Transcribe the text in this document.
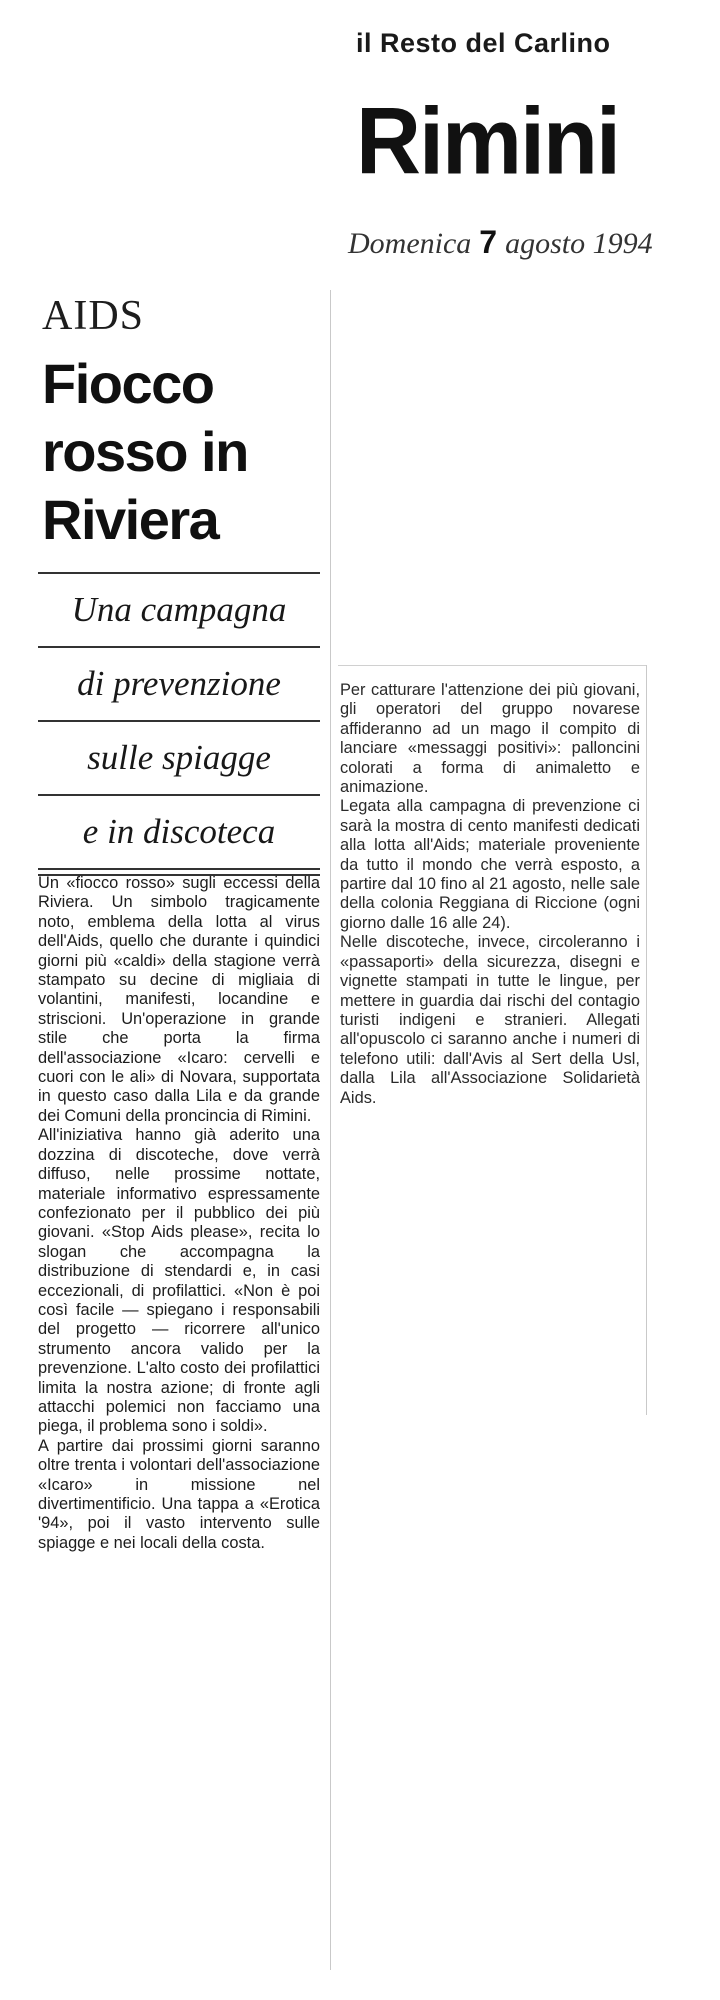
il Resto del Carlino
Rimini
Domenica 7 agosto 1994
AIDS
Fiocco rosso in Riviera
Una campagna
di prevenzione
sulle spiagge
e in discoteca

Un «fiocco rosso» sugli eccessi della Riviera. Un simbolo tragicamente noto, emblema della lotta al virus dell'Aids, quello che durante i quindici giorni più «caldi» della stagione verrà stampato su decine di migliaia di volantini, manifesti, locandine e striscioni. Un'operazione in grande stile che porta la firma dell'associazione «Icaro: cervelli e cuori con le ali» di Novara, supportata in questo caso dalla Lila e da grande dei Comuni della proncincia di Rimini.

All'iniziativa hanno già aderito una dozzina di discoteche, dove verrà diffuso, nelle prossime nottate, materiale informativo espressamente confezionato per il pubblico dei più giovani. «Stop Aids please», recita lo slogan che accompagna la distribuzione di stendardi e, in casi eccezionali, di profilattici. «Non è poi così facile — spiegano i responsabili del progetto — ricorrere all'unico strumento ancora valido per la prevenzione. L'alto costo dei profilattici limita la nostra azione; di fronte agli attacchi polemici non facciamo una piega, il problema sono i soldi».

A partire dai prossimi giorni saranno oltre trenta i volontari dell'associazione «Icaro» in missione nel divertimentificio. Una tappa a «Erotica '94», poi il vasto intervento sulle spiagge e nei locali della costa.

Per catturare l'attenzione dei più giovani, gli operatori del gruppo novarese affideranno ad un mago il compito di lanciare «messaggi positivi»: palloncini colorati a forma di animaletto e animazione.

Legata alla campagna di prevenzione ci sarà la mostra di cento manifesti dedicati alla lotta all'Aids; materiale proveniente da tutto il mondo che verrà esposto, a partire dal 10 fino al 21 agosto, nelle sale della colonia Reggiana di Riccione (ogni giorno dalle 16 alle 24).

Nelle discoteche, invece, circoleranno i «passaporti» della sicurezza, disegni e vignette stampati in tutte le lingue, per mettere in guardia dai rischi del contagio turisti indigeni e stranieri. Allegati all'opuscolo ci saranno anche i numeri di telefono utili: dall'Avis al Sert della Usl, dalla Lila all'Associazione Solidarietà Aids.
